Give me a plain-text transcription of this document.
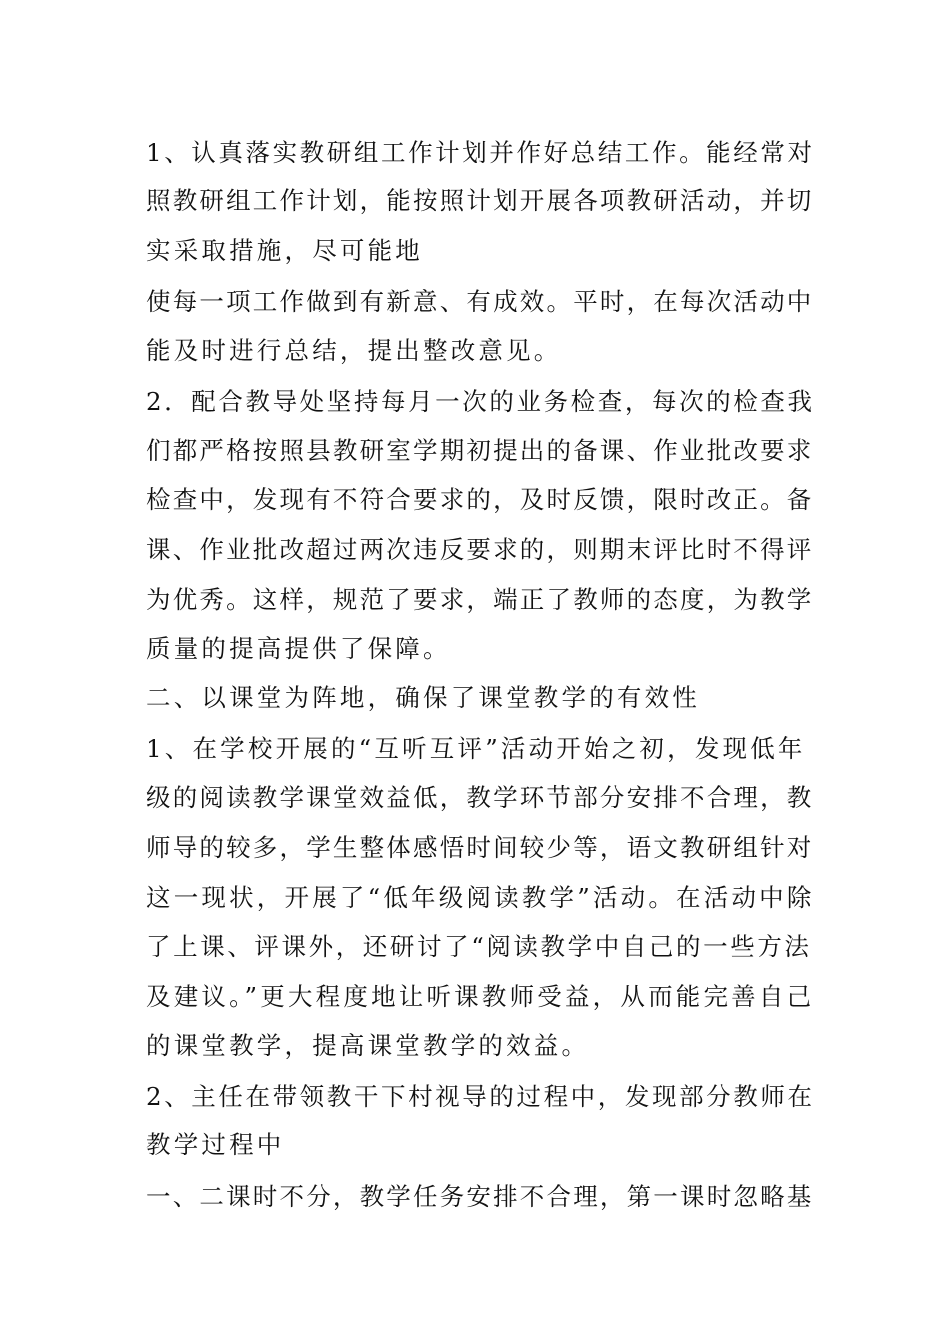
1、认真落实教研组工作计划并作好总结工作。能经常对
照教研组工作计划，能按照计划开展各项教研活动，并切
实采取措施，尽可能地
使每一项工作做到有新意、有成效。平时，在每次活动中
能及时进行总结，提出整改意见。
2．配合教导处坚持每月一次的业务检查，每次的检查我
们都严格按照县教研室学期初提出的备课、作业批改要求
检查中，发现有不符合要求的，及时反馈，限时改正。备
课、作业批改超过两次违反要求的，则期末评比时不得评
为优秀。这样，规范了要求，端正了教师的态度，为教学
质量的提高提供了保障。
二、以课堂为阵地，确保了课堂教学的有效性
1、在学校开展的“互听互评”活动开始之初，发现低年
级的阅读教学课堂效益低，教学环节部分安排不合理，教
师导的较多，学生整体感悟时间较少等，语文教研组针对
这一现状，开展了“低年级阅读教学”活动。在活动中除
了上课、评课外，还研讨了“阅读教学中自己的一些方法
及建议。”更大程度地让听课教师受益，从而能完善自己
的课堂教学，提高课堂教学的效益。
2、主任在带领教干下村视导的过程中，发现部分教师在
教学过程中
一、二课时不分，教学任务安排不合理，第一课时忽略基
